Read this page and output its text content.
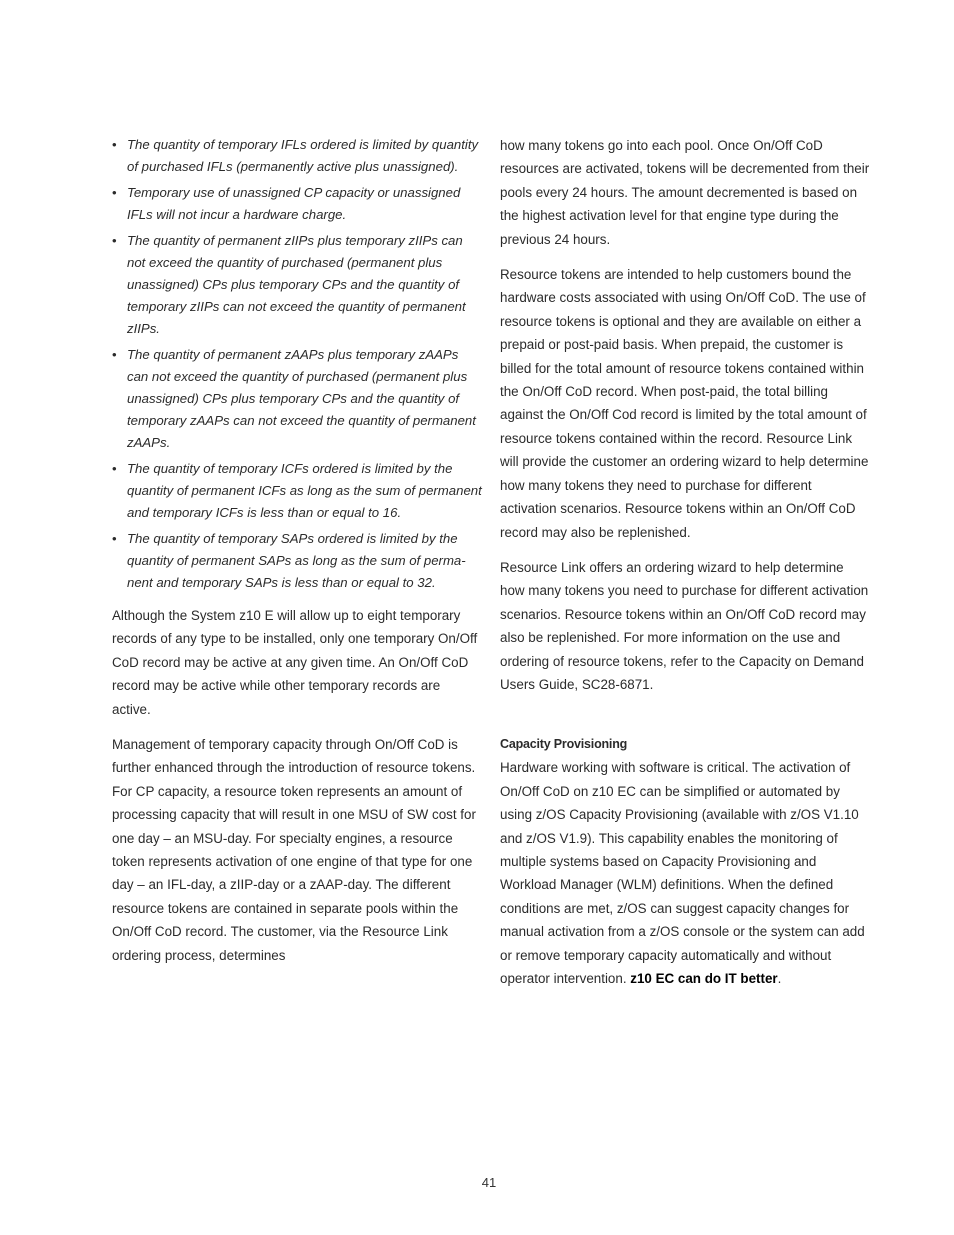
• The quantity of temporary IFLs ordered is limited by quantity of purchased IFLs (permanently active plus unassigned).
• Temporary use of unassigned CP capacity or unassigned IFLs will not incur a hardware charge.
• The quantity of permanent zIIPs plus temporary zIIPs can not exceed the quantity of purchased (permanent plus unassigned) CPs plus temporary CPs and the quantity of temporary zIIPs can not exceed the quantity of permanent zIIPs.
• The quantity of permanent zAAPs plus temporary zAAPs can not exceed the quantity of purchased (permanent plus unassigned) CPs plus temporary CPs and the quantity of temporary zAAPs can not exceed the quantity of permanent zAAPs.
• The quantity of temporary ICFs ordered is limited by the quantity of permanent ICFs as long as the sum of permanent and temporary ICFs is less than or equal to 16.
• The quantity of temporary SAPs ordered is limited by the quantity of permanent SAPs as long as the sum of permanent and temporary SAPs is less than or equal to 32.

Although the System z10 E will allow up to eight temporary records of any type to be installed, only one temporary On/Off CoD record may be active at any given time. An On/Off CoD record may be active while other temporary records are active.

Management of temporary capacity through On/Off CoD is further enhanced through the introduction of resource tokens. For CP capacity, a resource token represents an amount of processing capacity that will result in one MSU of SW cost for one day – an MSU-day. For specialty engines, a resource token represents activation of one engine of that type for one day – an IFL-day, a zIIP-day or a zAAP-day. The different resource tokens are contained in separate pools within the On/Off CoD record. The customer, via the Resource Link ordering process, determines

how many tokens go into each pool. Once On/Off CoD resources are activated, tokens will be decremented from their pools every 24 hours. The amount decremented is based on the highest activation level for that engine type during the previous 24 hours.

Resource tokens are intended to help customers bound the hardware costs associated with using On/Off CoD. The use of resource tokens is optional and they are available on either a prepaid or post-paid basis. When prepaid, the customer is billed for the total amount of resource tokens contained within the On/Off CoD record. When post-paid, the total billing against the On/Off Cod record is limited by the total amount of resource tokens contained within the record. Resource Link will provide the customer an ordering wizard to help determine how many tokens they need to purchase for different activation scenarios. Resource tokens within an On/Off CoD record may also be replenished.

Resource Link offers an ordering wizard to help determine how many tokens you need to purchase for different activation scenarios. Resource tokens within an On/Off CoD record may also be replenished. For more information on the use and ordering of resource tokens, refer to the Capacity on Demand Users Guide, SC28-6871.

Capacity Provisioning

Hardware working with software is critical. The activation of On/Off CoD on z10 EC can be simplified or automated by using z/OS Capacity Provisioning (available with z/OS V1.10 and z/OS V1.9). This capability enables the monitoring of multiple systems based on Capacity Provisioning and Workload Manager (WLM) definitions. When the defined conditions are met, z/OS can suggest capacity changes for manual activation from a z/OS console or the system can add or remove temporary capacity automatically and without operator intervention. z10 EC can do IT better.

41
